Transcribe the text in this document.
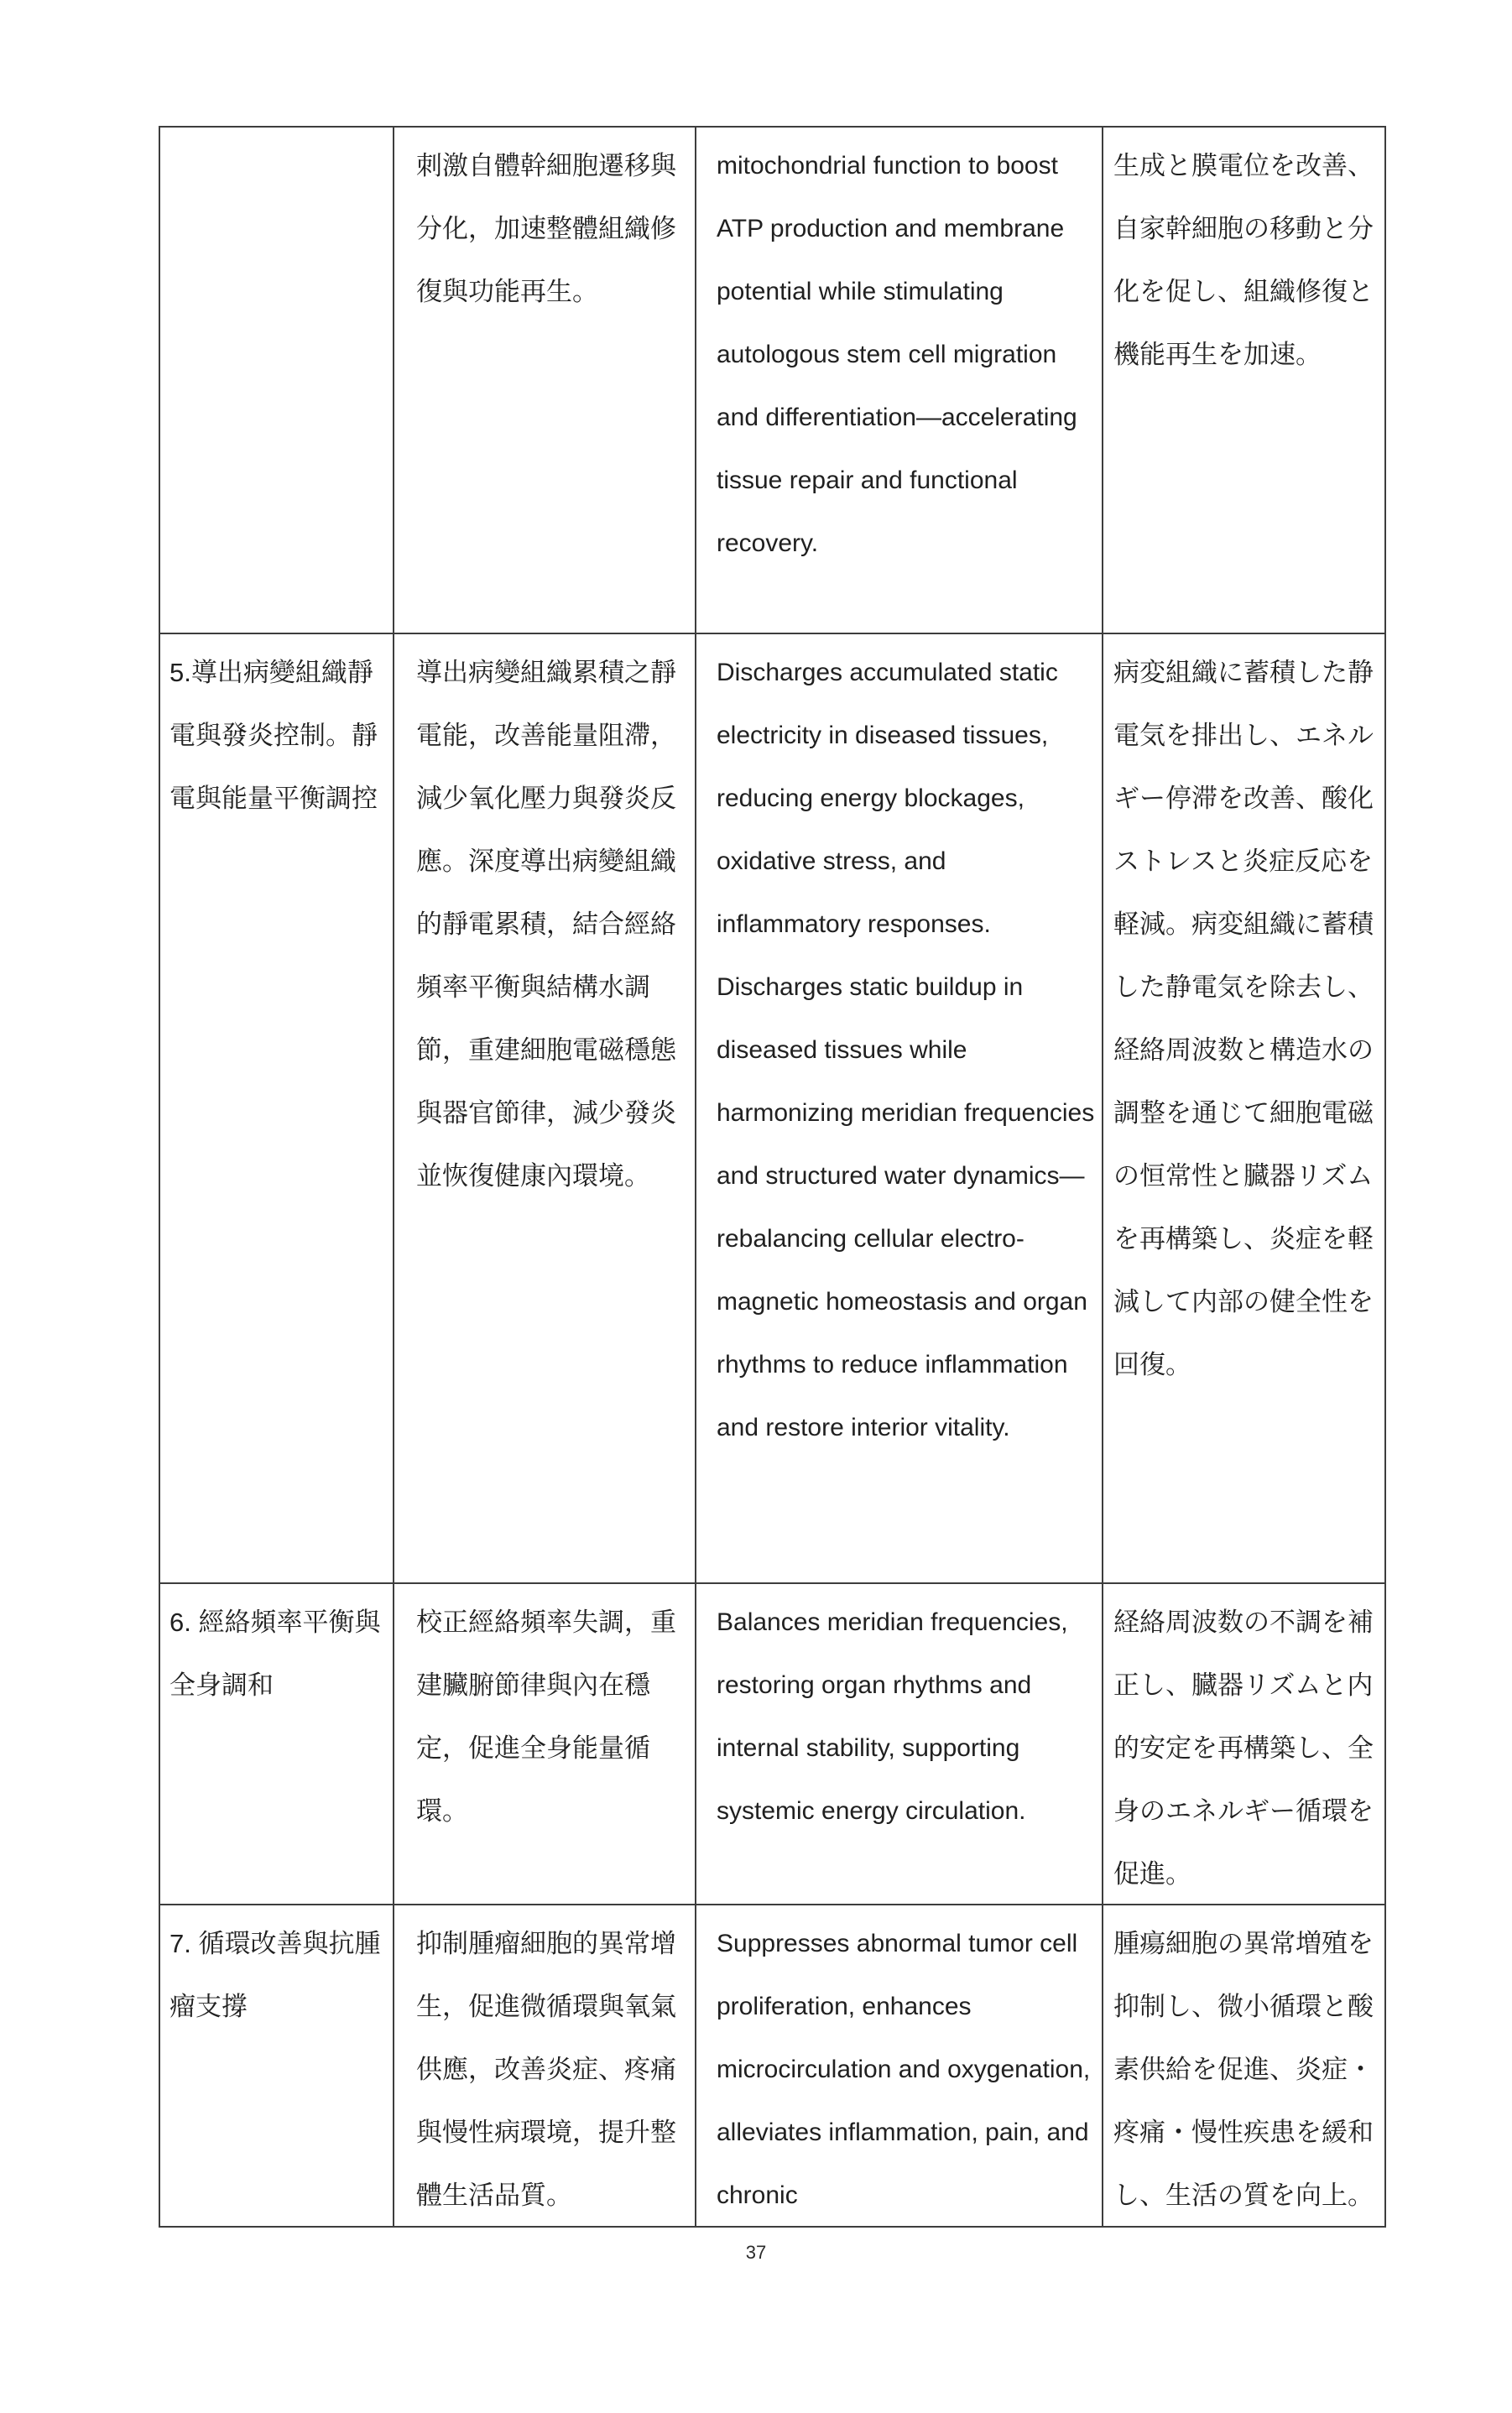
刺激自體幹細胞遷移與分化，加速整體組織修復與功能再生。
mitochondrial function to boost ATP production and membrane potential while stimulating autologous stem cell migration and differentiation—accelerating tissue repair and functional recovery.
生成と膜電位を改善、自家幹細胞の移動と分化を促し、組織修復と機能再生を加速。
5.導出病變組織靜電與發炎控制。靜電與能量平衡調控
導出病變組織累積之靜電能，改善能量阻滯，減少氧化壓力與發炎反應。深度導出病變組織的靜電累積，結合經絡頻率平衡與結構水調節，重建細胞電磁穩態與器官節律，減少發炎並恢復健康內環境。
Discharges accumulated static electricity in diseased tissues, reducing energy blockages, oxidative stress, and inflammatory responses. Discharges static buildup in diseased tissues while harmonizing meridian frequencies and structured water dynamics—rebalancing cellular electro-magnetic homeostasis and organ rhythms to reduce inflammation and restore interior vitality.
病変組織に蓄積した静電気を排出し、エネルギー停滞を改善、酸化ストレスと炎症反応を軽減。病変組織に蓄積した静電気を除去し、経絡周波数と構造水の調整を通じて細胞電磁の恒常性と臓器リズムを再構築し、炎症を軽減して内部の健全性を回復。
6. 經絡頻率平衡與全身調和
校正經絡頻率失調，重建臟腑節律與內在穩定，促進全身能量循環。
Balances meridian frequencies, restoring organ rhythms and internal stability, supporting systemic energy circulation.
経絡周波数の不調を補正し、臓器リズムと内的安定を再構築し、全身のエネルギー循環を促進。
7. 循環改善與抗腫瘤支撐
抑制腫瘤細胞的異常增生，促進微循環與氧氣供應，改善炎症、疼痛與慢性病環境，提升整體生活品質。
Suppresses abnormal tumor cell proliferation, enhances microcirculation and oxygenation, alleviates inflammation, pain, and chronic
腫瘍細胞の異常増殖を抑制し、微小循環と酸素供給を促進、炎症・疼痛・慢性疾患を緩和し、生活の質を向上。
37
